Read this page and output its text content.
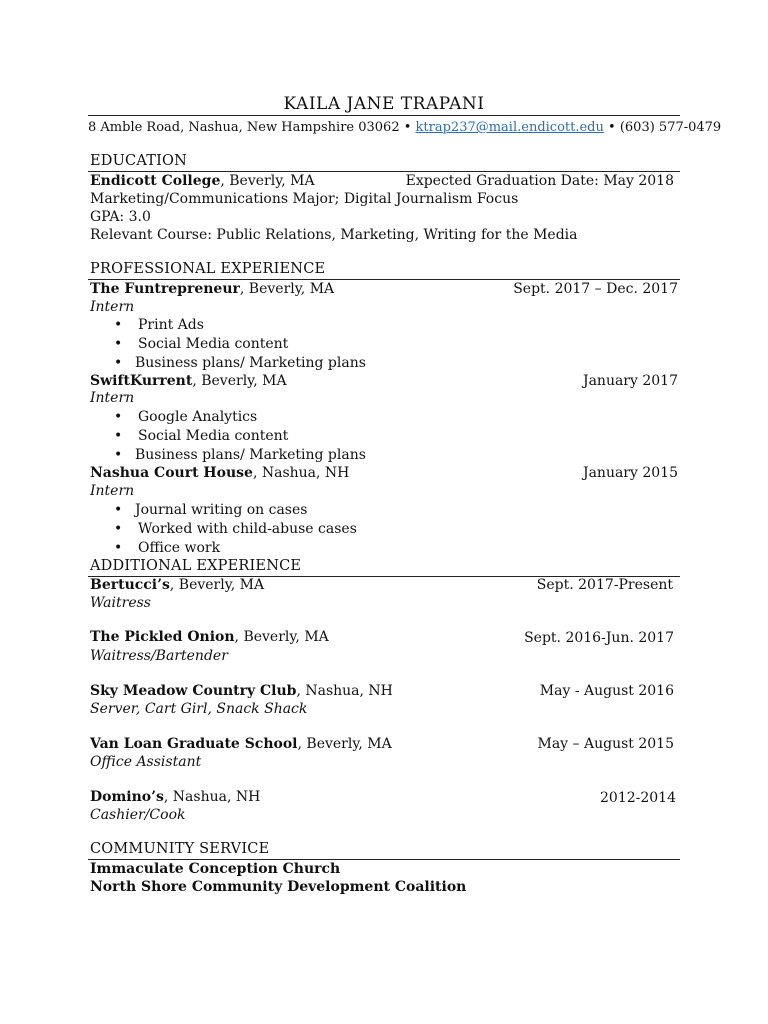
KAILA JANE TRAPANI
8 Amble Road, Nashua, New Hampshire 03062 • ktrap237@mail.endicott.edu • (603) 577-0479
EDUCATION
Endicott College, Beverly, MA	Expected Graduation Date: May 2018
Marketing/Communications Major; Digital Journalism Focus
GPA: 3.0
Relevant Course: Public Relations, Marketing, Writing for the Media
PROFESSIONAL EXPERIENCE
The Funtrepreneur, Beverly, MA	Sept. 2017 – Dec. 2017
Intern
• Print Ads
• Social Media content
• Business plans/ Marketing plans
SwiftKurrent, Beverly, MA	January 2017
Intern
• Google Analytics
• Social Media content
• Business plans/ Marketing plans
Nashua Court House, Nashua, NH	January 2015
Intern
• Journal writing on cases
• Worked with child-abuse cases
• Office work
ADDITIONAL EXPERIENCE
Bertucci’s, Beverly, MA	Sept. 2017-Present
Waitress
The Pickled Onion, Beverly, MA	Sept. 2016-Jun. 2017
Waitress/Bartender
Sky Meadow Country Club, Nashua, NH	May - August 2016
Server, Cart Girl, Snack Shack
Van Loan Graduate School, Beverly, MA	May – August 2015
Office Assistant
Domino’s, Nashua, NH	2012-2014
Cashier/Cook
COMMUNITY SERVICE
Immaculate Conception Church
North Shore Community Development Coalition
